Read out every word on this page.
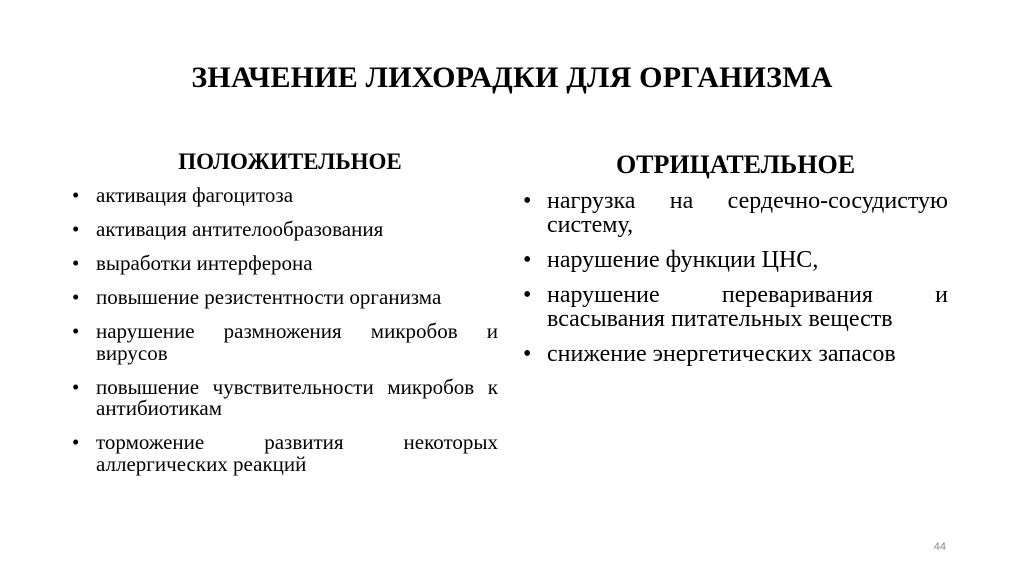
ЗНАЧЕНИЕ ЛИХОРАДКИ ДЛЯ ОРГАНИЗМА
ПОЛОЖИТЕЛЬНОЕ
• активация фагоцитоза
• активация антителообразования
• выработки интерферона
• повышение резистентности организма
• нарушение размножения микробов и вирусов
• повышение чувствительности микробов к антибиотикам
• торможение развития некоторых аллергических реакций
ОТРИЦАТЕЛЬНОЕ
• нагрузка на сердечно-сосудистую систему,
• нарушение функции ЦНС,
• нарушение переваривания и всасывания питательных веществ
• снижение энергетических запасов
44
